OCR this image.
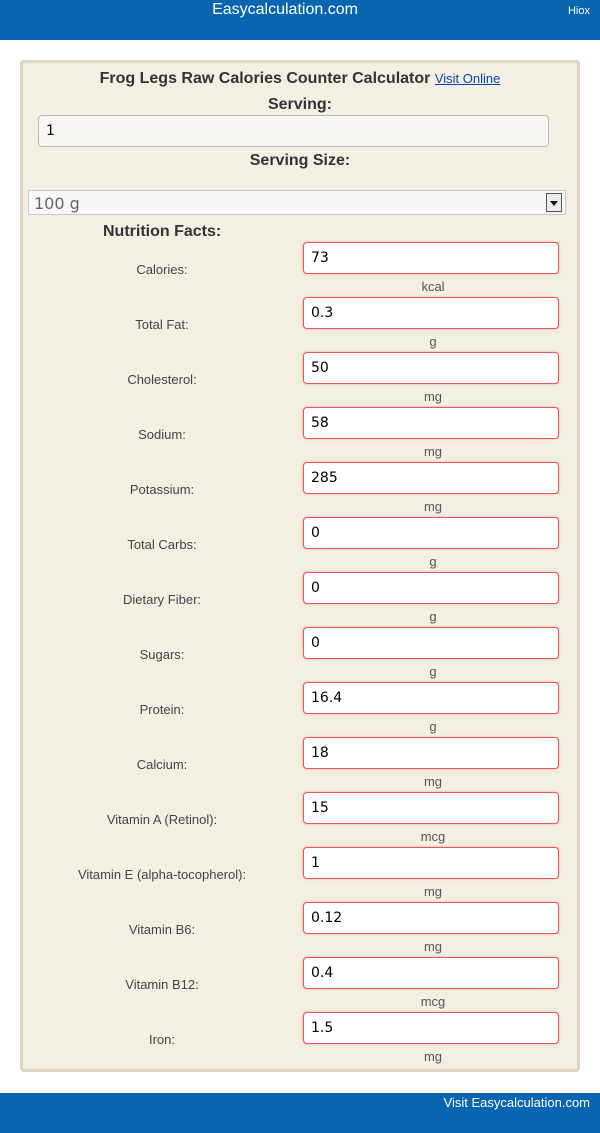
Easycalculation.com	Hiox
Frog Legs Raw Calories Counter Calculator Visit Online
Serving:
1
Serving Size:
100 g
Nutrition Facts:
Calories:
73
kcal
Total Fat:
0.3
g
Cholesterol:
50
mg
Sodium:
58
mg
Potassium:
285
mg
Total Carbs:
0
g
Dietary Fiber:
0
g
Sugars:
0
g
Protein:
16.4
g
Calcium:
18
mg
Vitamin A (Retinol):
15
mcg
Vitamin E (alpha-tocopherol):
1
mg
Vitamin B6:
0.12
mg
Vitamin B12:
0.4
mcg
Iron:
1.5
mg
Visit Easycalculation.com
